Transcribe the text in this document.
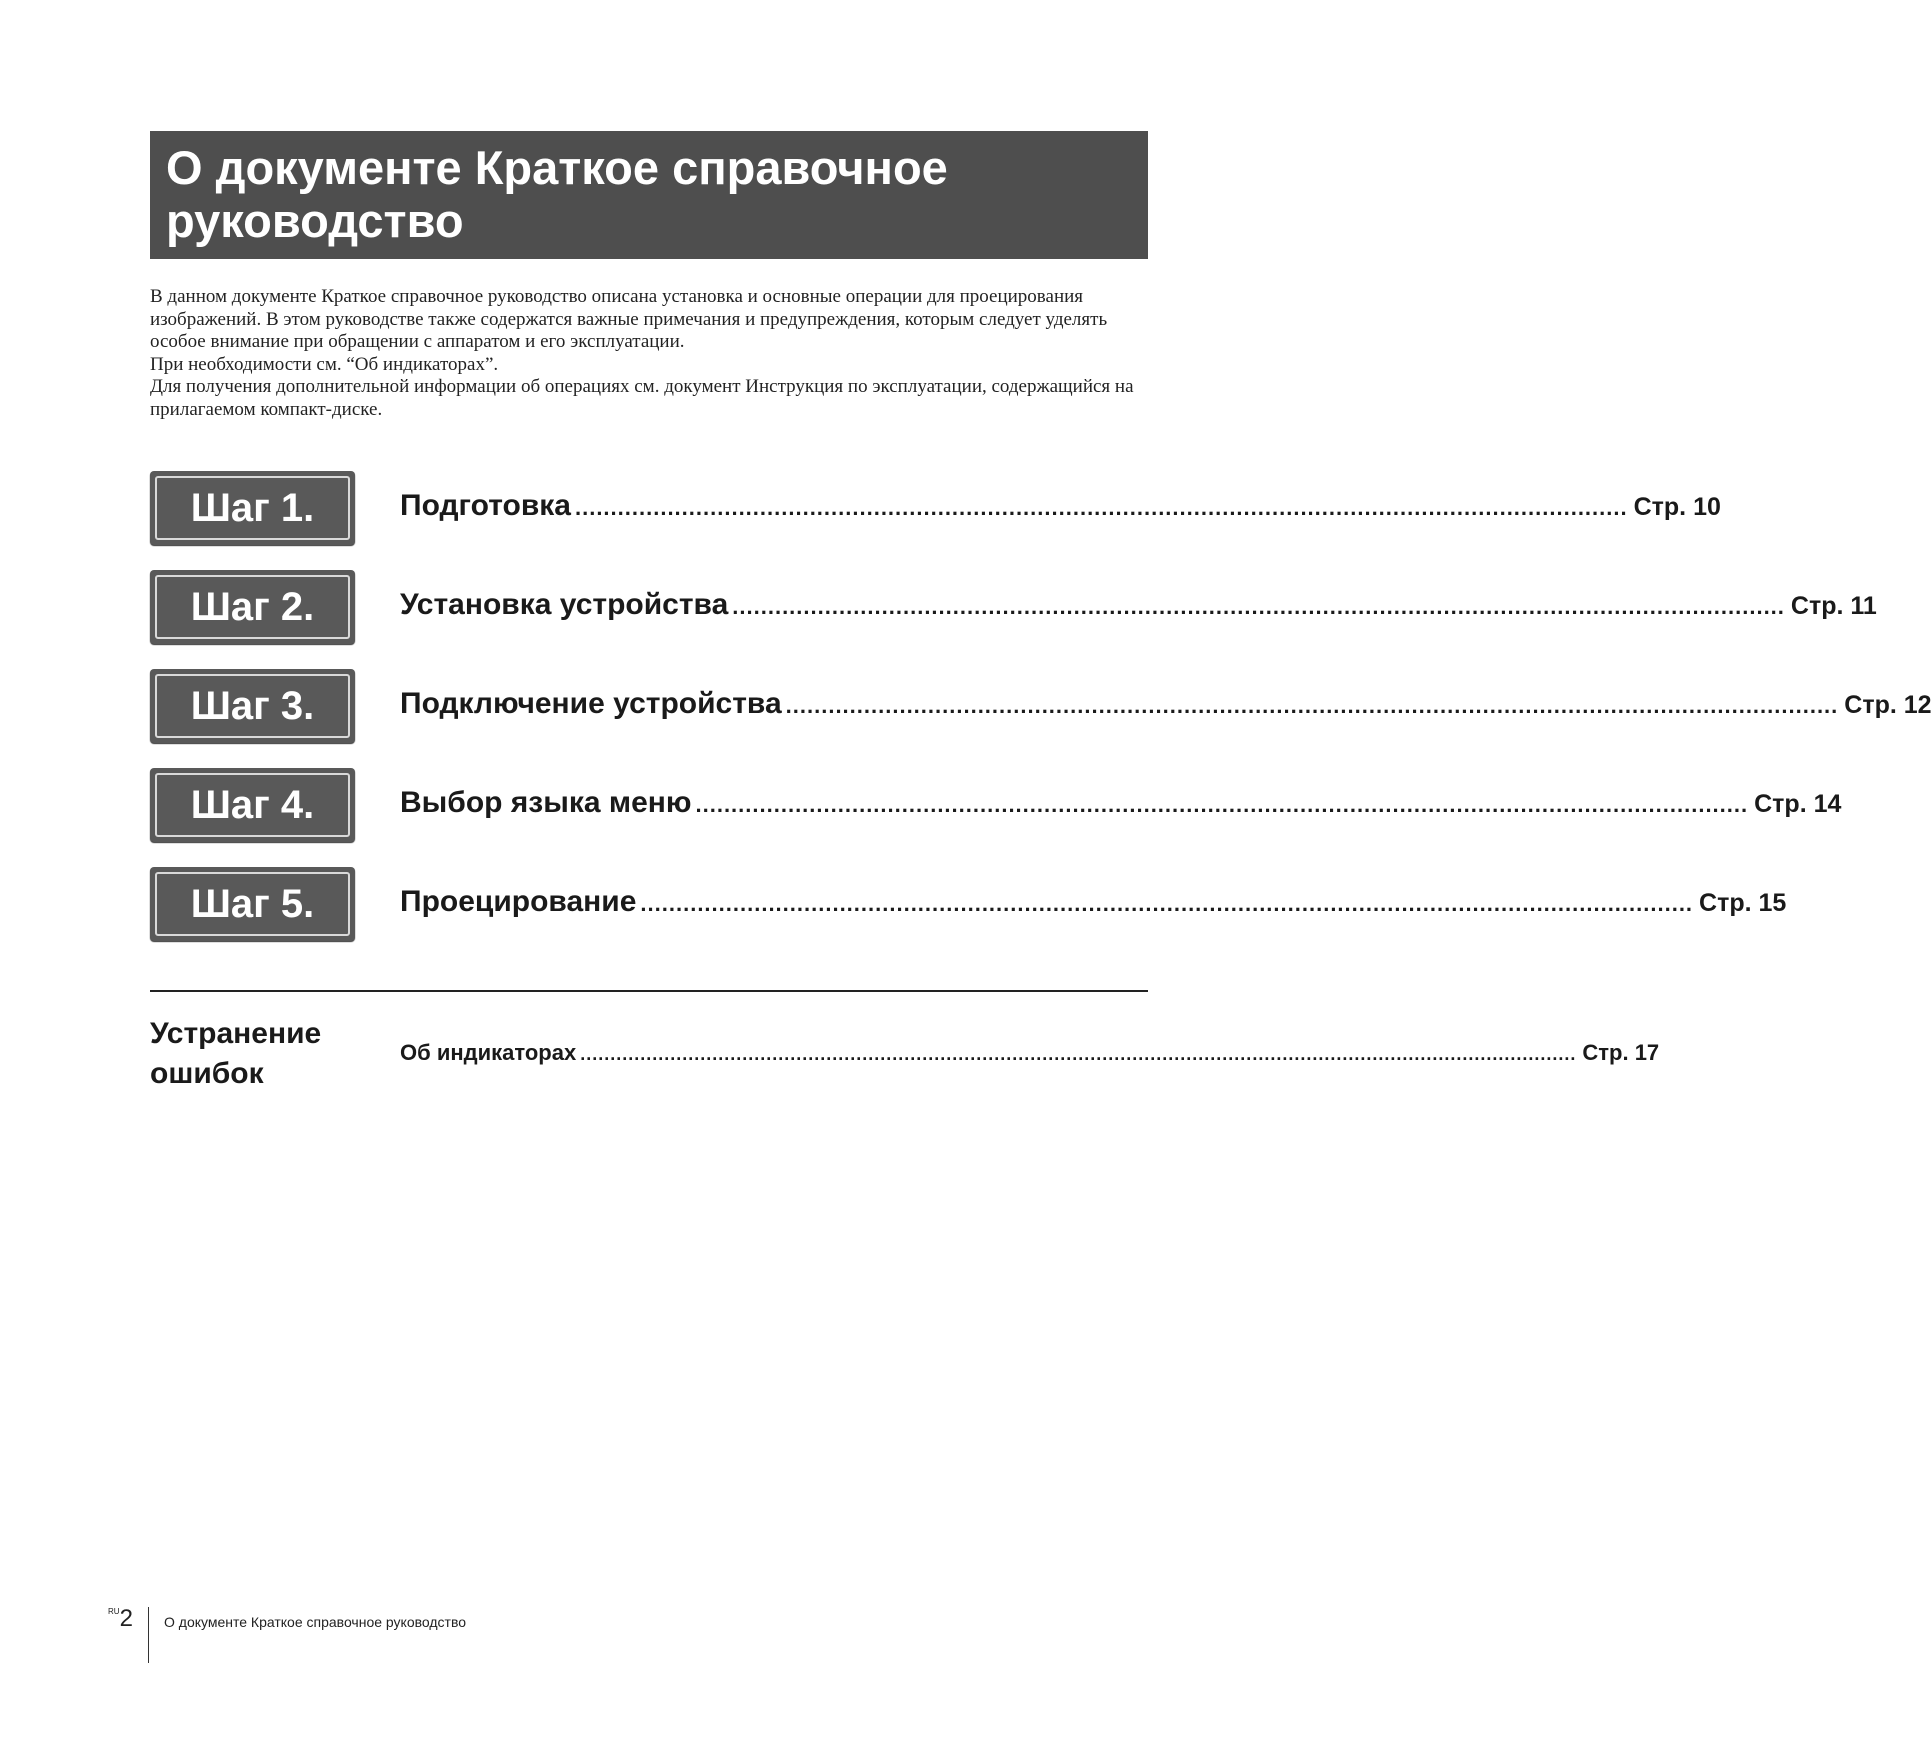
О документе Краткое справочное
руководство

В данном документе Краткое справочное руководство описана установка и основные операции для проецирования изображений. В этом руководстве также содержатся важные примечания и предупреждения, которым следует уделять особое внимание при обращении с аппаратом и его эксплуатации.

При необходимости см. “Об индикаторах”.

Для получения дополнительной информации об операциях см. документ Инструкция по эксплуатации, содержащийся на прилагаемом компакт-диске.

Шаг 1.	Подготовка .................................................................................................................................................... Стр. 10
Шаг 2.	Установка устройства .................................................................................................................................................... Стр. 11
Шаг 3.	Подключение устройства .................................................................................................................................................... Стр. 12
Шаг 4.	Выбор языка меню .................................................................................................................................................... Стр. 14
Шаг 5.	Проецирование .................................................................................................................................................... Стр. 15
Устранение
ошибок
Об индикаторах ...................................................................................................................................................................... Стр. 17
$^{RU}$2 О документе Краткое справочное руководство
